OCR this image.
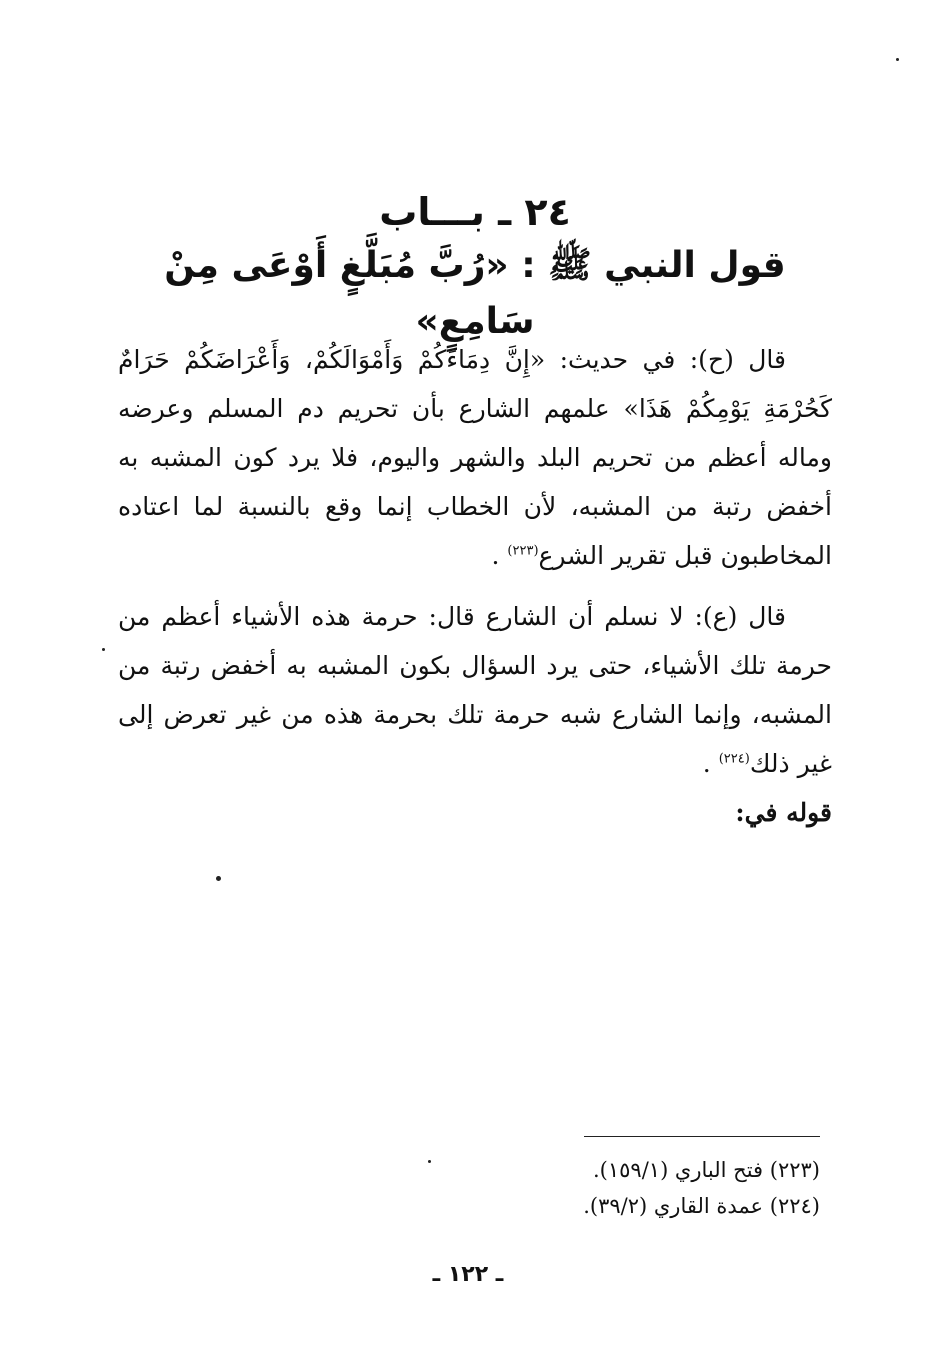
٢٤ ـ بـــاب
قول النبي ﷺ : «رُبَّ مُبَلَّغٍ أَوْعَى مِنْ سَامِعٍ»

قال (ح): في حديث: «إِنَّ دِمَاءَكُمْ وَأَمْوَالَكُمْ، وَأَعْرَاضَكُمْ حَرَامٌ كَحُرْمَةِ يَوْمِكُمْ هَذَا» علمهم الشارع بأن تحريم دم المسلم وعرضه وماله أعظم من تحريم البلد والشهر واليوم، فلا يرد كون المشبه به أخفض رتبة من المشبه، لأن الخطاب إنما وقع بالنسبة لما اعتاده المخاطبون قبل تقرير الشرع$^{(٢٢٣)}$ .

قال (ع): لا نسلم أن الشارع قال: حرمة هذه الأشياء أعظم من حرمة تلك الأشياء، حتى يرد السؤال بكون المشبه به أخفض رتبة من المشبه، وإنما الشارع شبه حرمة تلك بحرمة هذه من غير تعرض إلى غير ذلك$^{(٢٢٤)}$ .

قوله في:

(٢٢٣) فتح الباري (١٥٩/١).

(٢٢٤) عمدة القاري (٣٩/٢).

ـ ١٢٢ ـ
